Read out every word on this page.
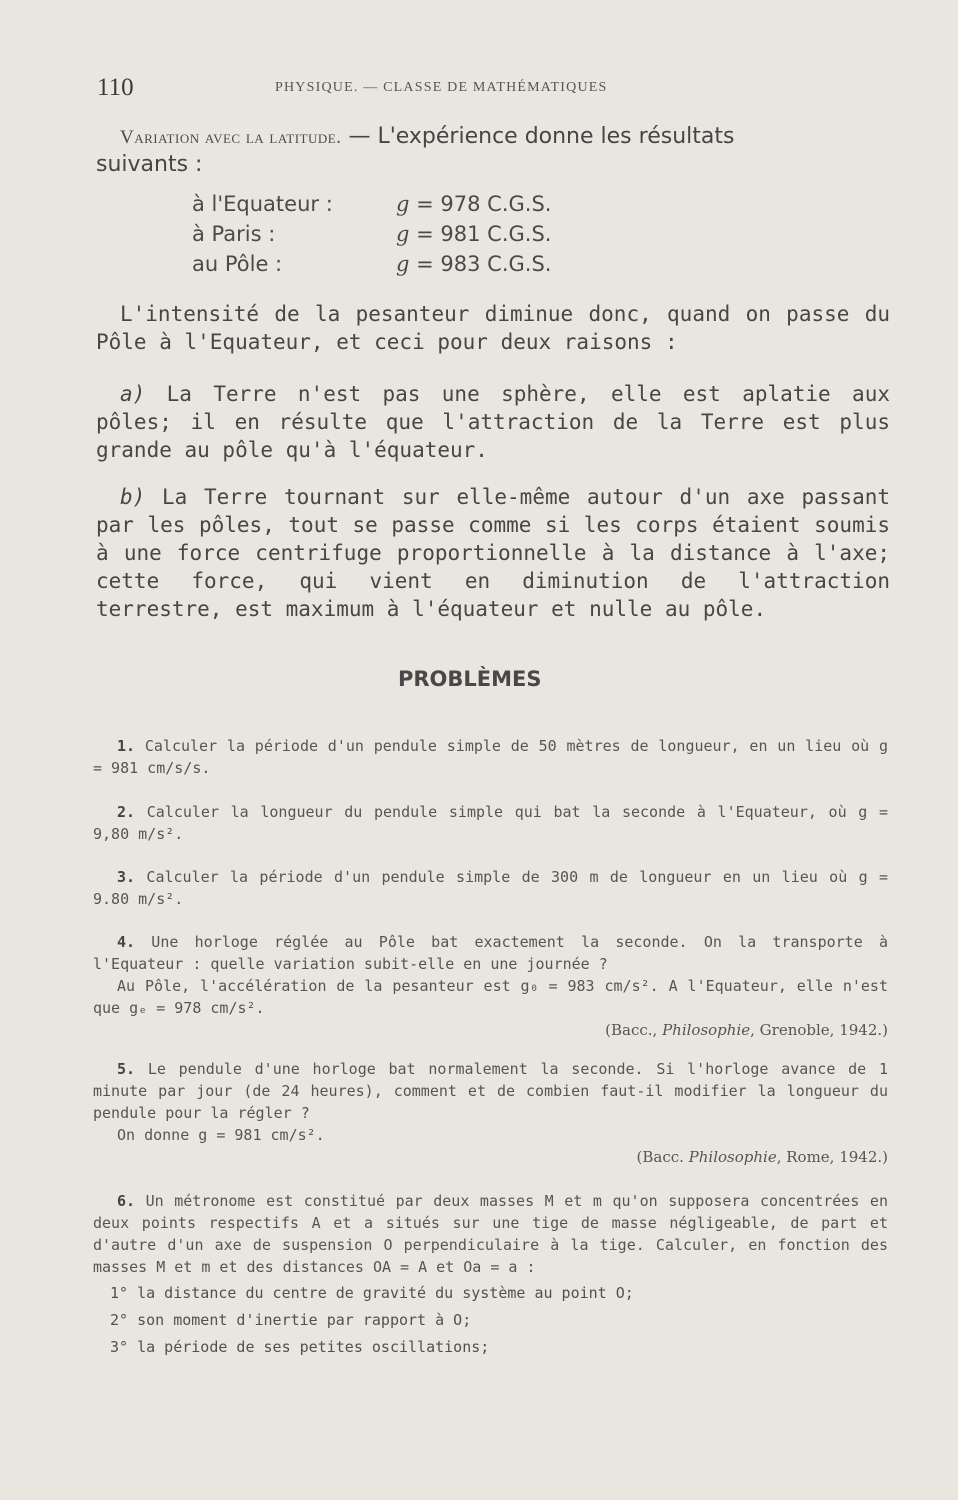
110	PHYSIQUE. — CLASSE DE MATHÉMATIQUES
Variation avec la latitude. — L'expérience donne les résultats
suivants :
à l'Equateur :	g = 978 C.G.S.
à Paris :	g = 981 C.G.S.
au Pôle :	g = 983 C.G.S.
L'intensité de la pesanteur diminue donc, quand on passe du Pôle à l'Equateur, et ceci pour deux raisons :
a) La Terre n'est pas une sphère, elle est aplatie aux pôles; il en résulte que l'attraction de la Terre est plus grande au pôle qu'à l'équateur.
b) La Terre tournant sur elle-même autour d'un axe passant par les pôles, tout se passe comme si les corps étaient soumis à une force centrifuge proportionnelle à la distance à l'axe; cette force, qui vient en diminution de l'attraction terrestre, est maximum à l'équateur et nulle au pôle.
PROBLÈMES

1. Calculer la période d'un pendule simple de 50 mètres de longueur, en un lieu où g = 981 cm/s/s.

2. Calculer la longueur du pendule simple qui bat la seconde à l'Equateur, où g = 9,80 m/s².

3. Calculer la période d'un pendule simple de 300 m de longueur en un lieu où g = 9.80 m/s².

4. Une horloge réglée au Pôle bat exactement la seconde. On la transporte à l'Equateur : quelle variation subit-elle en une journée ?

Au Pôle, l'accélération de la pesanteur est g₀ = 983 cm/s². A l'Equateur, elle n'est que gₑ = 978 cm/s².

(Bacc., Philosophie, Grenoble, 1942.)

5. Le pendule d'une horloge bat normalement la seconde. Si l'horloge avance de 1 minute par jour (de 24 heures), comment et de combien faut-il modifier la longueur du pendule pour la régler ?

On donne g = 981 cm/s².

(Bacc. Philosophie, Rome, 1942.)

6. Un métronome est constitué par deux masses M et m qu'on supposera concentrées en deux points respectifs A et a situés sur une tige de masse négligeable, de part et d'autre d'un axe de suspension O perpendiculaire à la tige. Calculer, en fonction des masses M et m et des distances OA = A et Oa = a :

1° la distance du centre de gravité du système au point O;
2° son moment d'inertie par rapport à O;
3° la période de ses petites oscillations;
